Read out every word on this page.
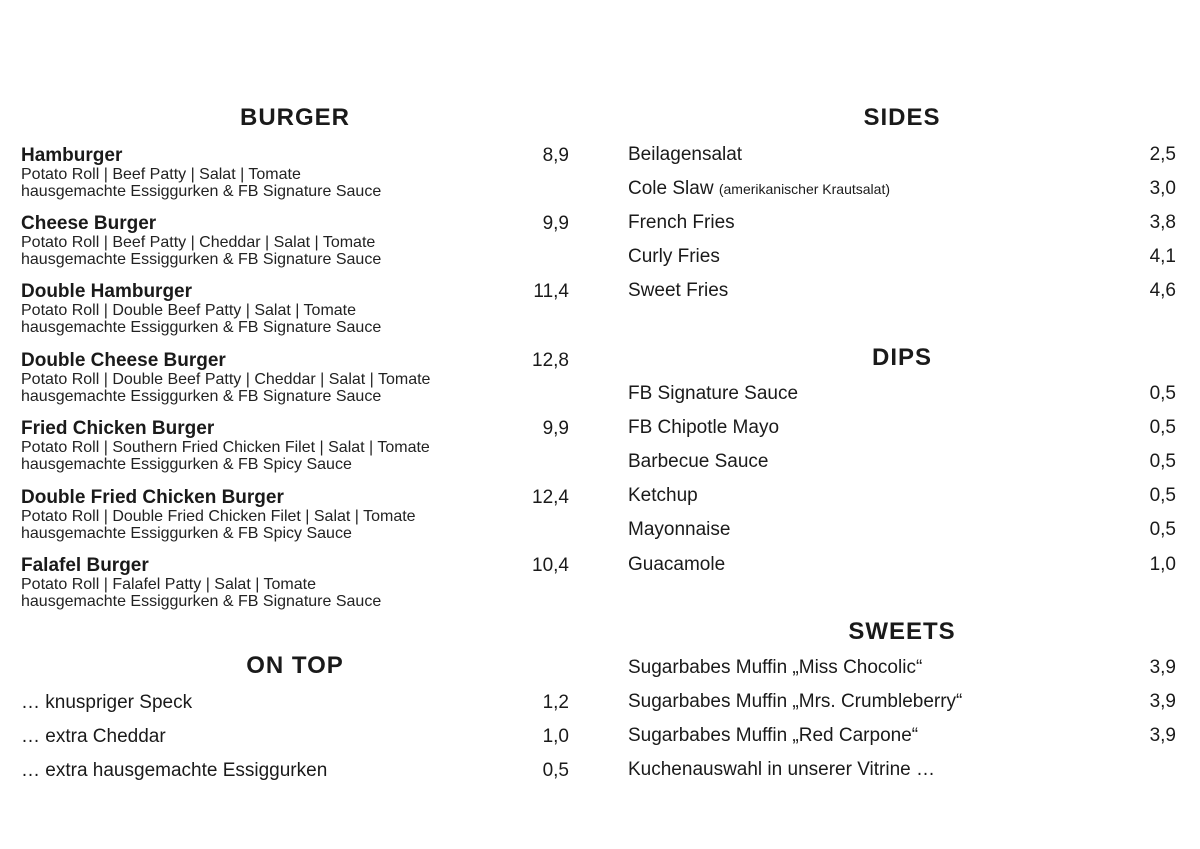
BURGER
Hamburger	8,9
Potato Roll | Beef Patty | Salat | Tomate
hausgemachte Essiggurken & FB Signature Sauce
Cheese Burger	9,9
Potato Roll | Beef Patty | Cheddar | Salat | Tomate
hausgemachte Essiggurken & FB Signature Sauce
Double Hamburger	11,4
Potato Roll | Double Beef Patty | Salat | Tomate
hausgemachte Essiggurken & FB Signature Sauce
Double Cheese Burger	12,8
Potato Roll | Double Beef Patty | Cheddar | Salat | Tomate
hausgemachte Essiggurken & FB Signature Sauce
Fried Chicken Burger	9,9
Potato Roll | Southern Fried Chicken Filet | Salat | Tomate
hausgemachte Essiggurken & FB Spicy Sauce
Double Fried Chicken Burger	12,4
Potato Roll | Double Fried Chicken Filet | Salat | Tomate
hausgemachte Essiggurken & FB Spicy Sauce
Falafel Burger	10,4
Potato Roll | Falafel Patty | Salat | Tomate
hausgemachte Essiggurken & FB Signature Sauce
ON TOP
… knuspriger Speck	1,2
… extra Cheddar	1,0
… extra hausgemachte Essiggurken	0,5
SIDES
Beilagensalat	2,5
Cole Slaw (amerikanischer Krautsalat)	3,0
French Fries	3,8
Curly Fries	4,1
Sweet Fries	4,6
DIPS
FB Signature Sauce	0,5
FB Chipotle Mayo	0,5
Barbecue Sauce	0,5
Ketchup	0,5
Mayonnaise	0,5
Guacamole	1,0
SWEETS
Sugarbabes Muffin „Miss Chocolic“	3,9
Sugarbabes Muffin „Mrs. Crumbleberry“	3,9
Sugarbabes Muffin „Red Carpone“	3,9
Kuchenauswahl in unserer Vitrine …
